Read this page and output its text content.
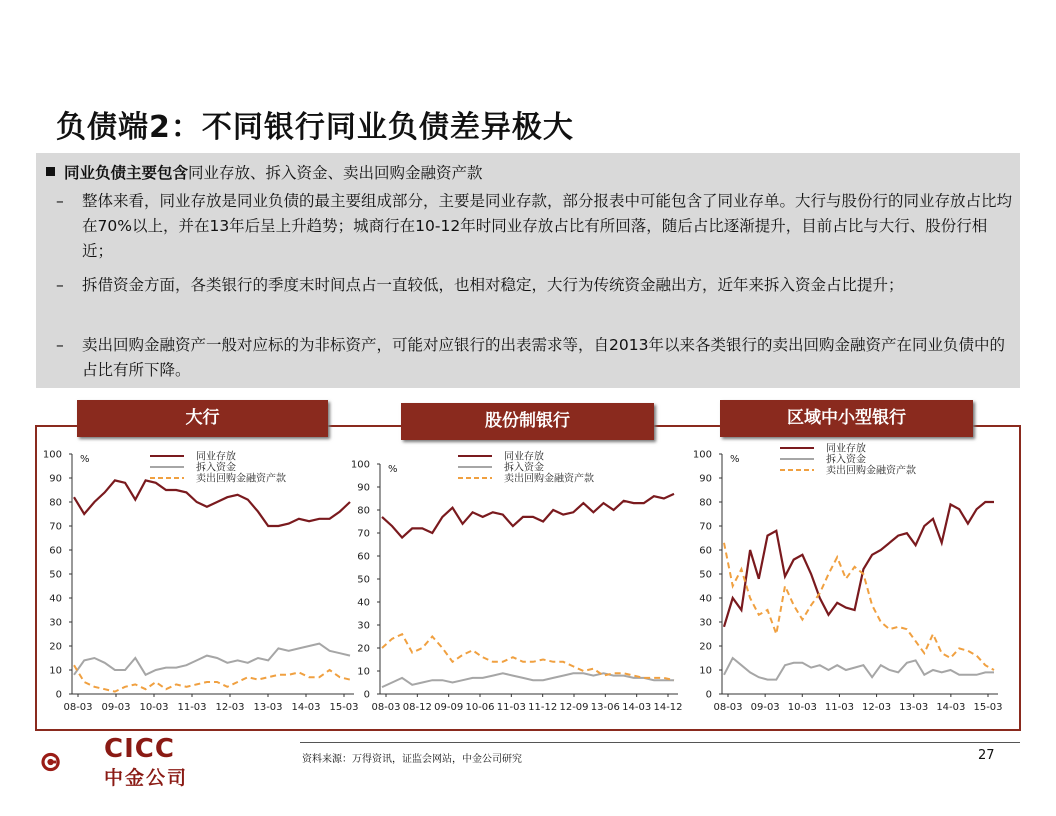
负债端2：不同银行同业负债差异极大
同业负债主要包含同业存放、拆入资金、卖出回购金融资产款
– 整体来看，同业存放是同业负债的最主要组成部分，主要是同业存款，部分报表中可能包含了同业存单。大行与股份行的同业存放占比均在70%以上，并在13年后呈上升趋势；城商行在10-12年时同业存放占比有所回落，随后占比逐渐提升，目前占比与大行、股份行相近；
– 拆借资金方面，各类银行的季度末时间点占一直较低，也相对稳定，大行为传统资金融出方，近年来拆入资金占比提升；
– 卖出回购金融资产一般对应标的为非标资产，可能对应银行的出表需求等，自2013年以来各类银行的卖出回购金融资产在同业负债中的占比有所下降。
大行	股份制银行	区域中小型银行
0
10
20
30
40
50
60
70
80
90
100 %
08-03 09-03 10-03 11-03 12-03 13-03 14-03 15-03
同业存放
拆入资金
卖出回购金融资产款
0
10
20
30
40
50
60
70
80
90
100 %
08-03 08-12 09-09 10-06 11-03 11-12 12-09 13-06 14-03 14-12
同业存放
拆入资金
卖出回购金融资产款
0
10
20
30
40
50
60
70
80
90
100 %
08-03 09-03 10-03 11-03 12-03 13-03 14-03 15-03
同业存放
拆入资金
卖出回购金融资产款
资料来源：万得资讯，证监会网站，中金公司研究	27
CICC
中金公司
